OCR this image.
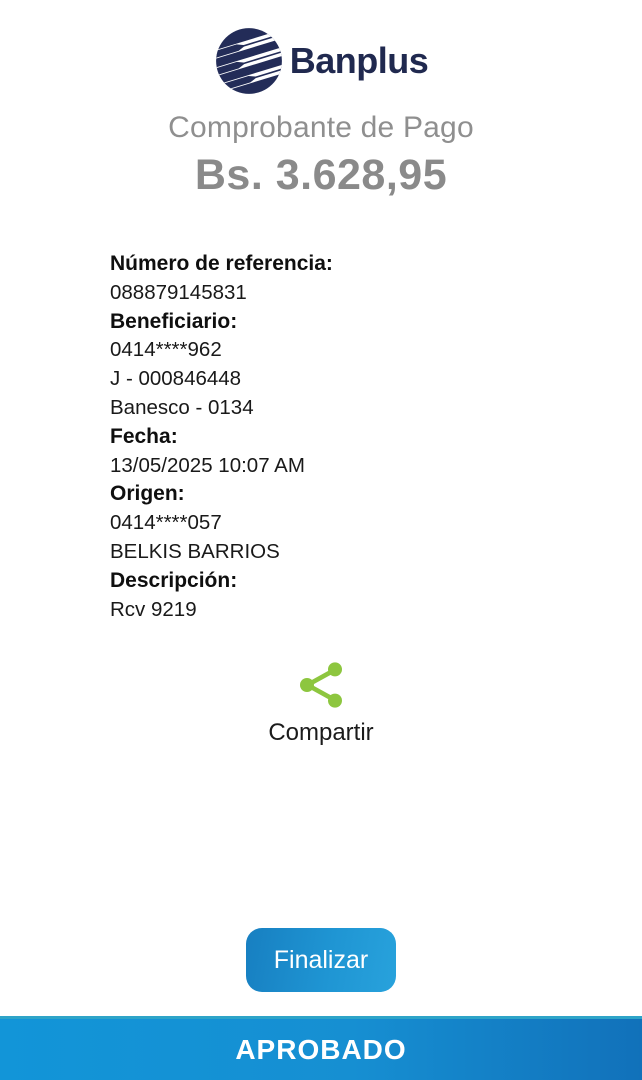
Banplus
Comprobante de Pago
Bs. 3.628,95
Número de referencia:
088879145831
Beneficiario:
0414****962
J - 000846448
Banesco - 0134
Fecha:
13/05/2025 10:07 AM
Origen:
0414****057
BELKIS BARRIOS
Descripción:
Rcv 9219
Compartir
Finalizar
APROBADO
